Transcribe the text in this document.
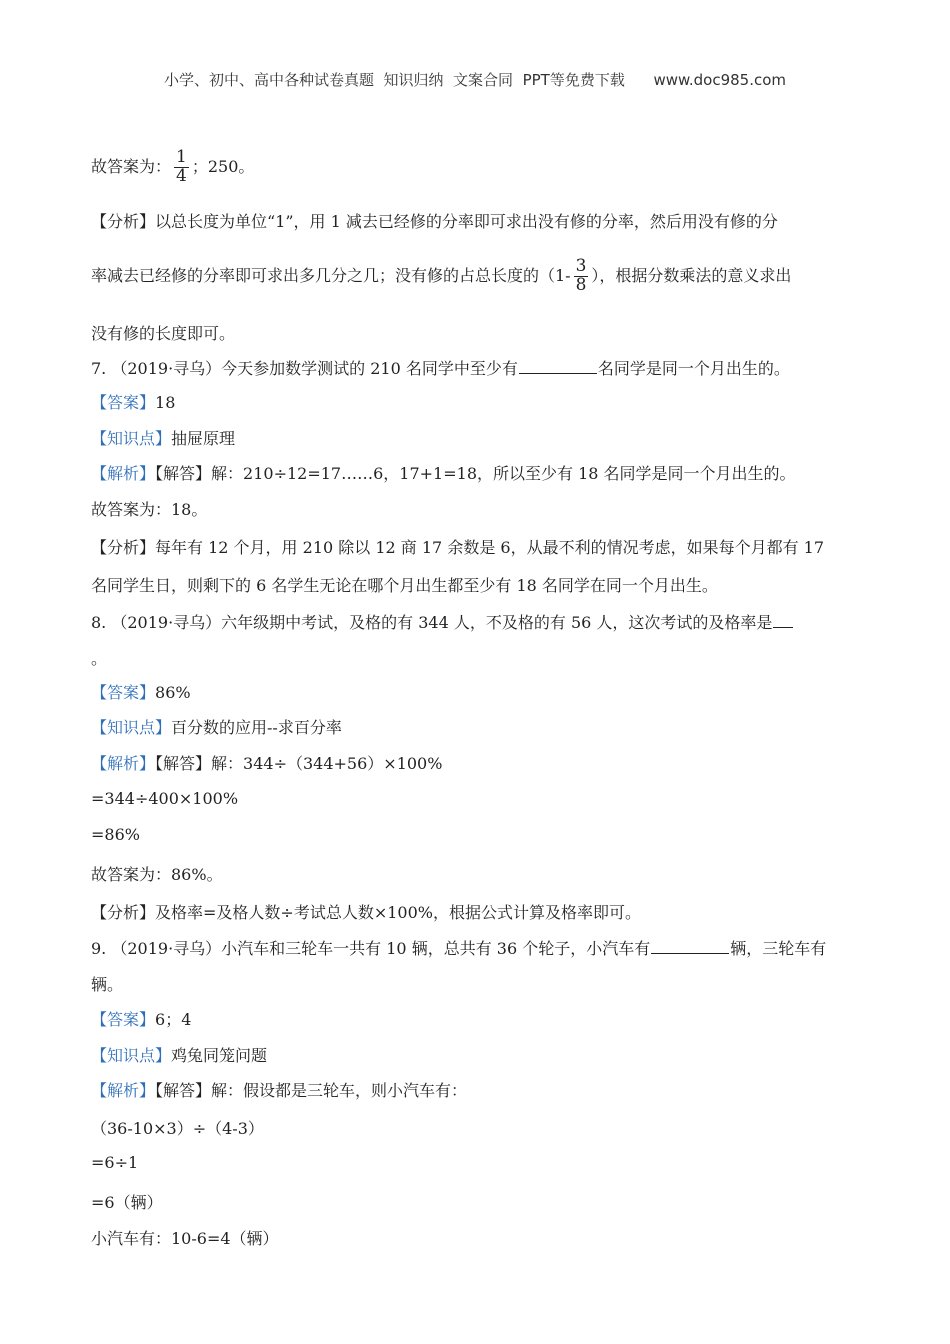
小学、初中、高中各种试卷真题  知识归纳  文案合同  PPT等免费下载      www.doc985.com
故答案为： $\frac{1}{4}$ ；250。
【分析】以总长度为单位“1”，用 1 减去已经修的分率即可求出没有修的分率，然后用没有修的分
率减去已经修的分率即可求出多几分之几；没有修的占总长度的（$1- \frac{3}{8}$ ），根据分数乘法的意义求出
没有修的长度即可。
7. （2019·寻乌）今天参加数学测试的 210 名同学中至少有	名同学是同一个月出生的。
【答案】18
【知识点】抽屉原理
【解析】【解答】解：210÷12=17……6，17+1=18，所以至少有 18 名同学是同一个月出生的。
故答案为：18。
【分析】每年有 12 个月，用 210 除以 12 商 17 余数是 6，从最不利的情况考虑，如果每个月都有 17
名同学生日，则剩下的 6 名学生无论在哪个月出生都至少有 18 名同学在同一个月出生。
8. （2019·寻乌）六年级期中考试，及格的有 344 人，不及格的有 56 人，这次考试的及格率是
。
【答案】86%
【知识点】百分数的应用--求百分率
【解析】【解答】解：344÷（344+56）×100%
=344÷400×100%
=86%
故答案为：86%。
【分析】及格率=及格人数÷考试总人数×100%，根据公式计算及格率即可。
9. （2019·寻乌）小汽车和三轮车一共有 10 辆，总共有 36 个轮子，小汽车有	辆，三轮车有
辆。
【答案】6；4
【知识点】鸡兔同笼问题
【解析】【解答】解：假设都是三轮车，则小汽车有：
（36-10×3）÷（4-3）
=6÷1
=6（辆）
小汽车有：10-6=4（辆）
